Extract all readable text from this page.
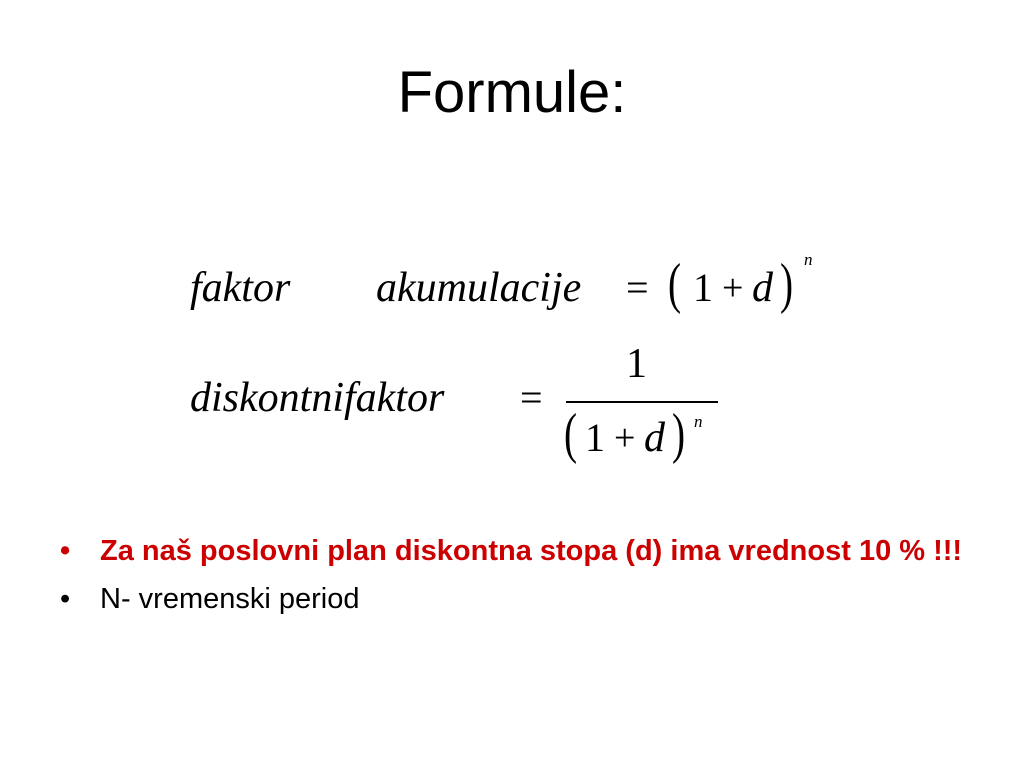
Formule:
faktor akumulacije = ( 1 + d ) n
diskontnifaktor =
1
( 1 + d ) n
• Za naš poslovni plan diskontna stopa (d) ima vrednost 10 % !!!
• N- vremenski period
